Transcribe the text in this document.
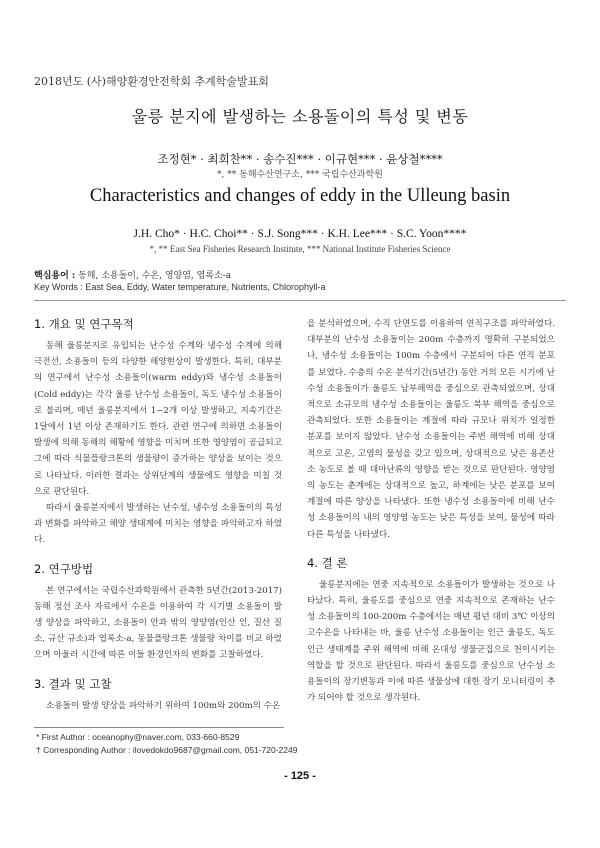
2018년도 (사)해양환경안전학회 추계학술발표회
울릉 분지에 발생하는 소용돌이의 특성 및 변동
조정현* · 최희찬** · 송수진*** · 이규현*** · 윤상철****
*, ** 동해수산연구소, *** 국립수산과학원
Characteristics and changes of eddy in the Ulleung basin
J.H. Cho* · H.C. Choi** · S.J. Song*** · K.H. Lee*** · S.C. Yoon****
*, ** East Sea Fisheries Research Institute, *** National Institute Fisheries Science
핵심용어 : 동해, 소용돌이, 수온, 영양염, 엽록소-a
Key Words : East Sea, Eddy, Water temperature, Nutrients, Chlorophyll-a
1. 개요 및 연구목적

동해 울릉분지로 유입되는 난수성 수계와 냉수성 수계에 의해 극전선, 소용돌이 등의 다양한 해양현상이 발생한다. 특히, 대부분의 연구에서 난수성 소용돌이(warm eddy)와 냉수성 소용돌이(Cold eddy)는 각각 울릉 난수성 소용돌이, 독도 냉수성 소용돌이로 불리며, 매년 울릉분지에서 1~2개 이상 발생하고, 지속기간은 1달에서 1년 이상 존재하기도 한다. 관련 연구에 의하면 소용돌이 발생에 의해 동해의 해황에 영향을 미치며 또한 영양염이 공급되고 그에 따라 식물플랑크톤의 생물량이 증가하는 양상을 보이는 것으로 나타났다. 이러한 결과는 상위단계의 생물에도 영향을 미칠 것으로 판단된다.

따라서 울릉분지에서 발생하는 난수성, 냉수성 소용돌이의 특성과 변화를 파악하고 해양 생태계에 미치는 영향을 파악하고자 하였다.

2. 연구방법

본 연구에서는 국립수산과학원에서 관측한 5년간(2013-2017) 동해 정선 조사 자료에서 수온을 이용하여 각 시기별 소용돌이 발생 양상을 파악하고, 소용돌이 안과 밖의 영양염(인산 인, 질산 질소, 규산 규소)과 엽록소-a, 동물플랑크톤 생물량 차이를 비교 하였으며 아울러 시간에 따른 이들 환경인자의 변화를 고찰하였다.

3. 결과 및 고찰

소용돌이 발생 양상을 파악하기 위하여 100m와 200m의 수온

을 분석하였으며, 수직 단면도를 이용하여 연직구조를 파악하였다. 대부분의 난수성 소용돌이는 200m 수층까지 명확히 구분되었으나, 냉수성 소용돌이는 100m 수층에서 구분되어 다른 연직 분포를 보였다. 수층의 수온 분석기간(5년간) 동안 거의 모든 시기에 난수성 소용돌이가 울릉도 남부해역을 중심으로 관측되었으며, 상대적으로 소규모의 냉수성 소용돌이는 울릉도 북부 해역을 중심으로 관측되었다. 또한 소용돌이는 계절에 따라 규모나 위치가 일정한 분포를 보이지 않았다. 난수성 소용돌이는 주변 해역에 비해 상대적으로 고온, 고염의 물성을 갖고 있으며, 상대적으로 낮은 용존산소 농도로 볼 때 대마난류의 영향을 받는 것으로 판단된다. 영양염의 농도는 춘계에는 상대적으로 높고, 하계에는 낮은 분포를 보여 계절에 따른 양상을 나타냈다. 또한 냉수성 소용돌이에 비해 난수성 소용돌이의 내의 영양염 농도는 낮은 특성을 보여, 물성에 따라 다른 특성을 나타냈다.

4. 결 론

울릉분지에는 연중 지속적으로 소용돌이가 발생하는 것으로 나타났다. 특히, 울릉도를 중심으로 연중 지속적으로 존재하는 난수성 소용돌이의 100-200m 수층에서는 매년 평년 대비 3℃ 이상의 고수온을 나타내는 바, 울릉 난수성 소용돌이는 인근 울릉도, 독도 인근 생태계를 주위 해역에 비해 온대성 생물군집으로 천이시키는 역할을 할 것으로 판단된다. 따라서 울릉도를 중심으로 난수성 소용돌이의 장기변동과 이에 따른 생물상에 대한 장기 모니터링이 추가 되어야 할 것으로 생각된다.

* First Author : oceanophy@naver.com, 033-660-8529
† Corresponding Author : ilovedokdo9687@gmail.com, 051-720-2249
- 125 -
